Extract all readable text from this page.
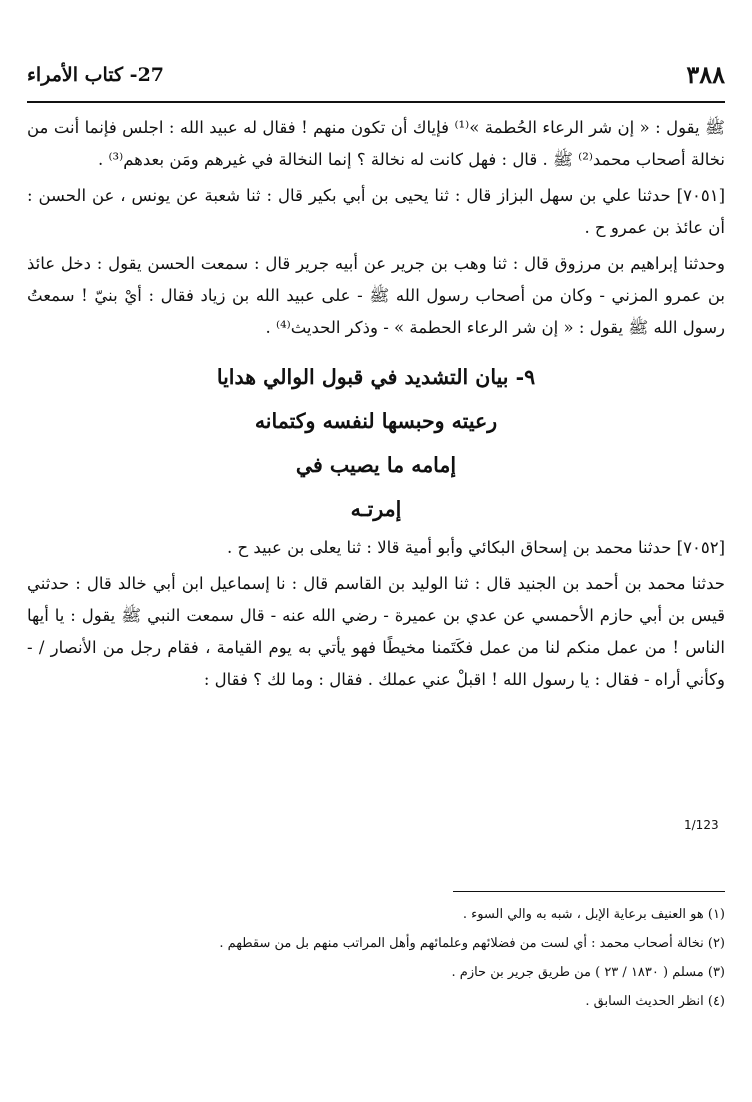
27- كتاب الأمراء	٣٨٨

ﷺ يقول : « إن شر الرعاء الحُطمة »⁽¹⁾ فإياك أن تكون منهم ! فقال له عبيد الله : اجلس فإنما أنت من نخالة أصحاب محمد⁽²⁾ ﷺ . قال : فهل كانت له نخالة ؟ إنما النخالة في غيرهم ومَن بعدهم⁽³⁾ .

[٧٠٥١] حدثنا علي بن سهل البزاز قال : ثنا يحيى بن أبي بكير قال : ثنا شعبة عن يونس ، عن الحسن : أن عائذ بن عمرو ح .

وحدثنا إبراهيم بن مرزوق قال : ثنا وهب بن جرير عن أبيه جرير قال : سمعت الحسن يقول : دخل عائذ بن عمرو المزني - وكان من أصحاب رسول الله ﷺ - على عبيد الله بن زياد فقال : أيْ بنيّ ! سمعتُ رسول الله ﷺ يقول : « إن شر الرعاء الحطمة » - وذكر الحديث⁽⁴⁾ .

٩- بيان التشديد في قبول الوالي هدايا
رعيته وحبسها لنفسه وكتمانه
إمامه ما يصيب في
إمرتـه

[٧٠٥٢] حدثنا محمد بن إسحاق البكائي وأبو أمية قالا : ثنا يعلى بن عبيد ح .

حدثنا محمد بن أحمد بن الجنيد قال : ثنا الوليد بن القاسم قال : نا إسماعيل ابن أبي خالد قال : حدثني قيس بن أبي حازم الأحمسي عن عدي بن عميرة - رضي الله عنه - قال سمعت النبي ﷺ يقول : يا أيها الناس ! من عمل منكم لنا من عمل فكَتَمنا مخيطًا فهو يأتي به يوم القيامة ، فقام رجل من الأنصار / - وكأني أراه - فقال : يا رسول الله ! اقبلْ عني عملك . فقال : وما لك ؟ فقال :

1/123

(١) هو العنيف برعاية الإبل ، شبه به والي السوء .

(٢) نخالة أصحاب محمد : أي لست من فضلائهم وعلمائهم وأهل المراتب منهم بل من سقطهم .

(٣) مسلم ( ١٨٣٠ / ٢٣ ) من طريق جرير بن حازم .

(٤) انظر الحديث السابق .
